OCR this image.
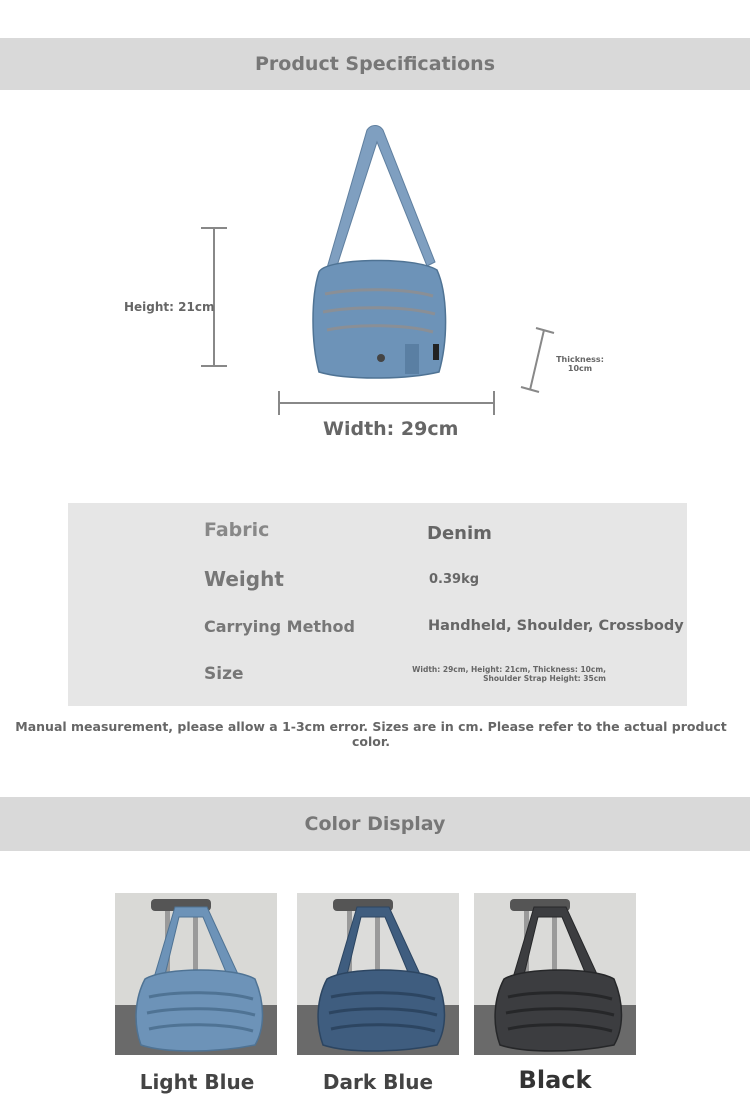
Product Specifications
Height: 21cm
Thickness:
10cm
Width: 29cm
Fabric	Denim
Weight	0.39kg
Carrying Method	Handheld, Shoulder, Crossbody
Size	Width: 29cm, Height: 21cm, Thickness: 10cm,
Shoulder Strap Height: 35cm
Manual measurement, please allow a 1-3cm error. Sizes are in cm. Please refer to the actual product color.
Color Display
Light Blue	Dark Blue	Black
